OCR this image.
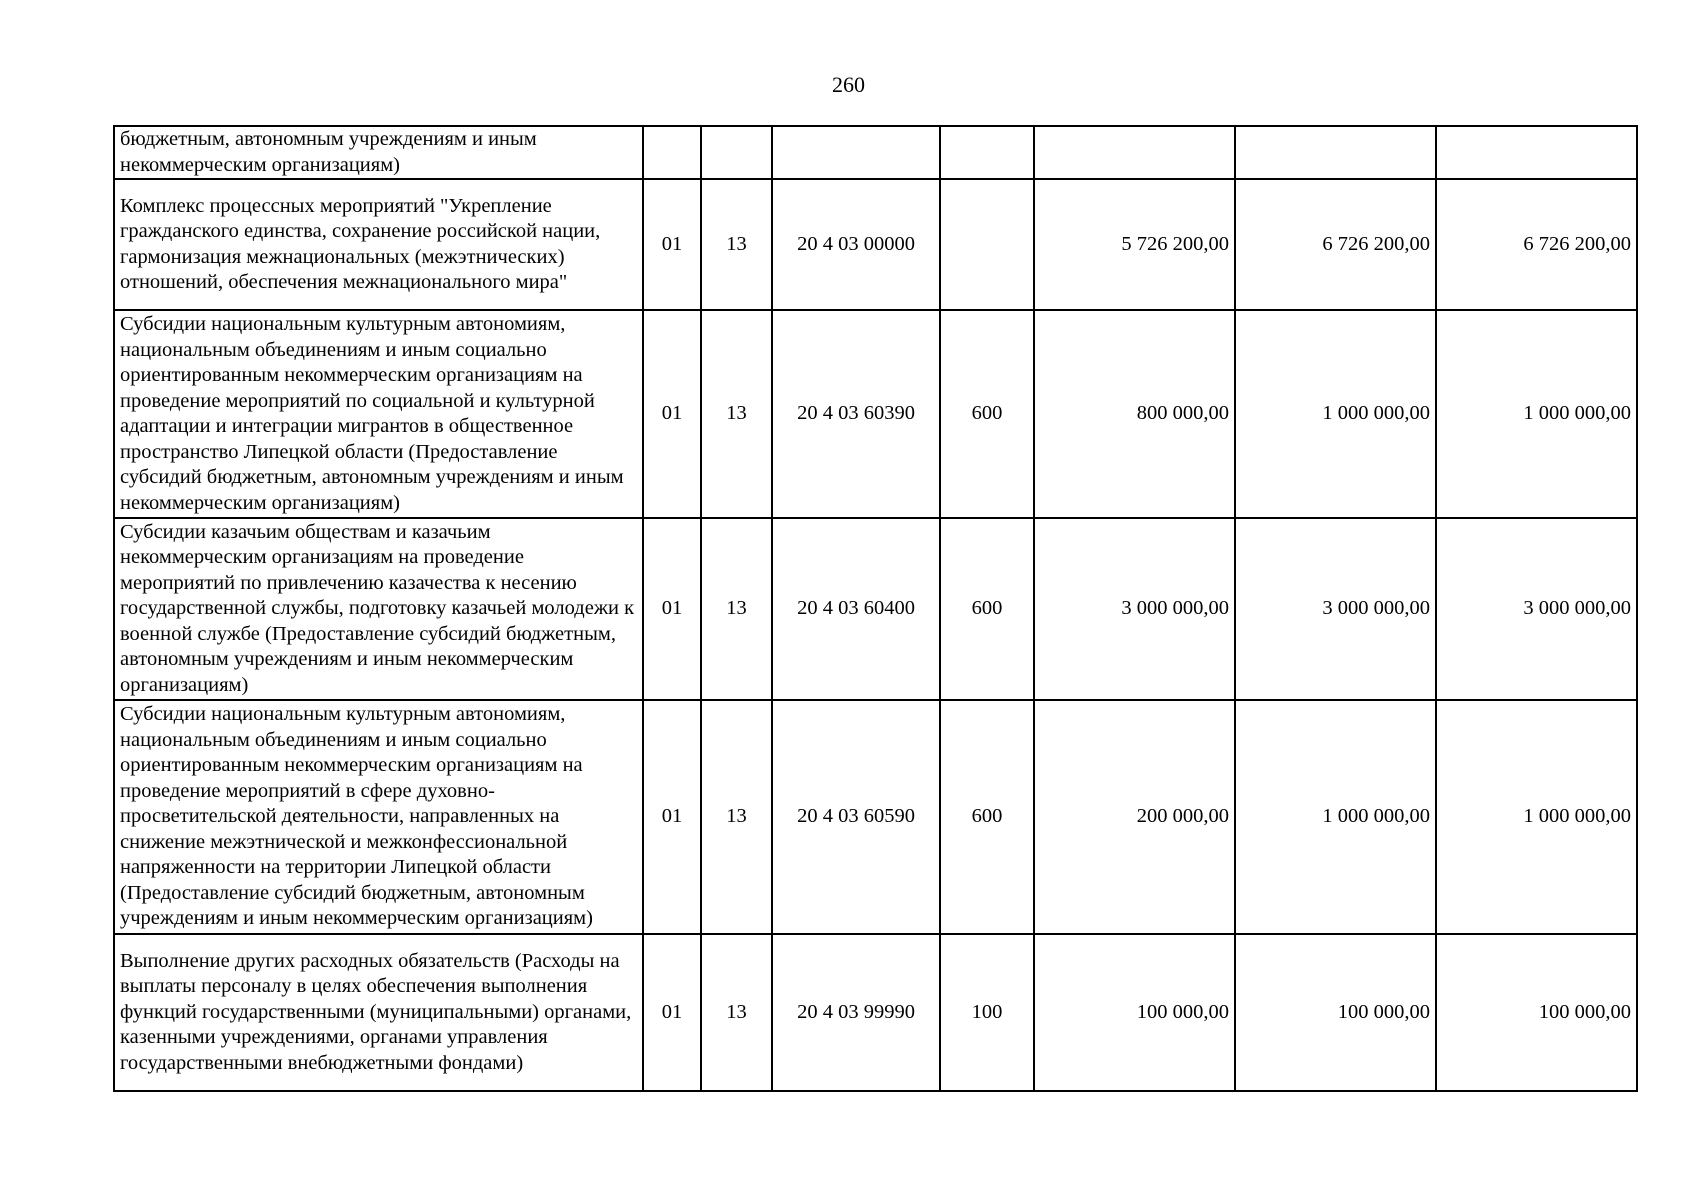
260
бюджетным, автономным учреждениям и иным некоммерческим организациям)							
Комплекс процессных мероприятий "Укрепление гражданского единства, сохранение российской нации, гармонизация межнациональных (межэтнических) отношений, обеспечения межнационального мира"	01	13	20 4 03 00000		5 726 200,00	6 726 200,00	6 726 200,00
Субсидии национальным культурным автономиям, национальным объединениям и иным социально ориентированным некоммерческим организациям на проведение мероприятий по социальной и культурной адаптации и интеграции мигрантов в общественное пространство Липецкой области (Предоставление субсидий бюджетным, автономным учреждениям и иным некоммерческим организациям)	01	13	20 4 03 60390	600	800 000,00	1 000 000,00	1 000 000,00
Субсидии казачьим обществам и казачьим некоммерческим организациям на проведение мероприятий по привлечению казачества к несению государственной службы, подготовку казачьей молодежи к военной службе (Предоставление субсидий бюджетным, автономным учреждениям и иным некоммерческим организациям)	01	13	20 4 03 60400	600	3 000 000,00	3 000 000,00	3 000 000,00
Субсидии национальным культурным автономиям, национальным объединениям и иным социально ориентированным некоммерческим организациям на проведение мероприятий в сфере духовно-просветительской деятельности, направленных на снижение межэтнической и межконфессиональной напряженности на территории Липецкой области (Предоставление субсидий бюджетным, автономным учреждениям и иным некоммерческим организациям)	01	13	20 4 03 60590	600	200 000,00	1 000 000,00	1 000 000,00
Выполнение других расходных обязательств (Расходы на выплаты персоналу в целях обеспечения выполнения функций государственными (муниципальными) органами, казенными учреждениями, органами управления государственными внебюджетными фондами)	01	13	20 4 03 99990	100	100 000,00	100 000,00	100 000,00
